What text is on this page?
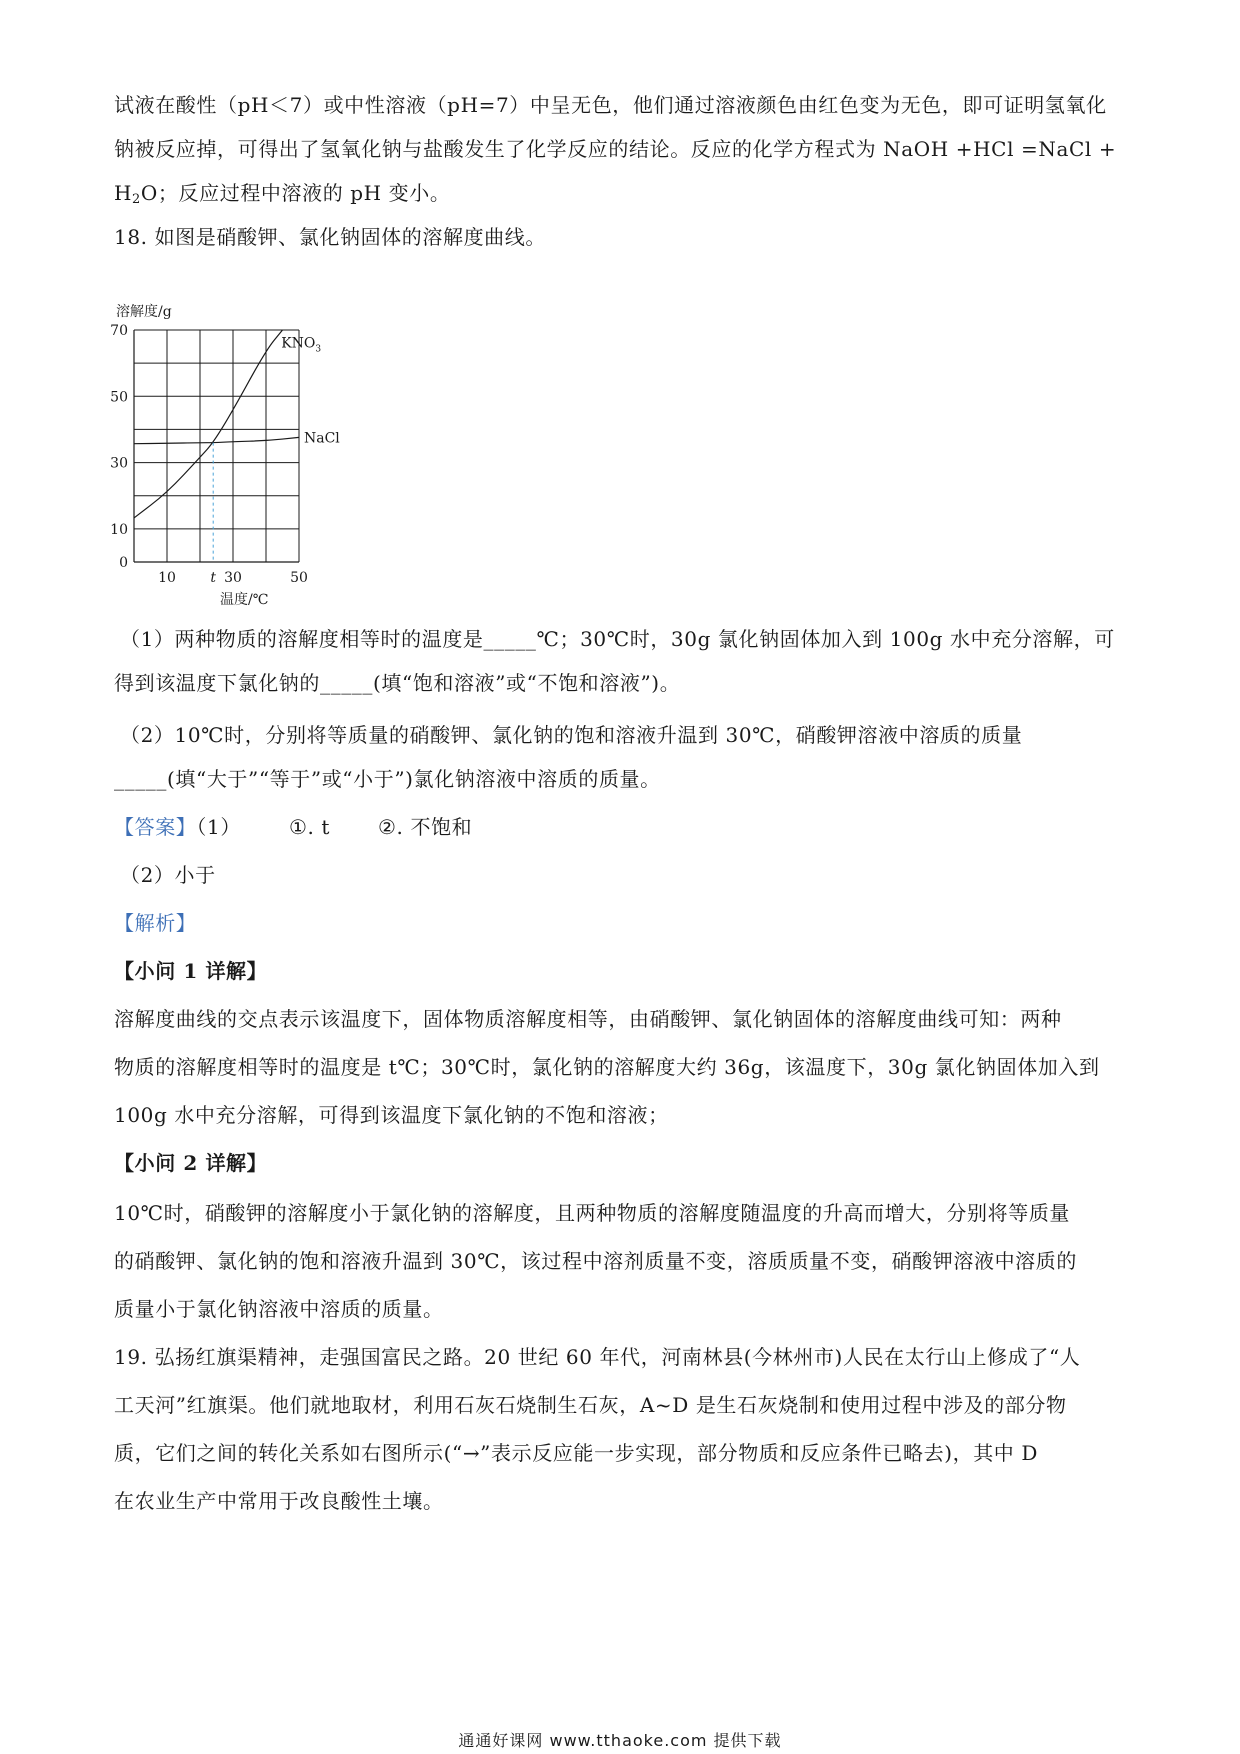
试液在酸性（pH＜7）或中性溶液（pH=7）中呈无色，他们通过溶液颜色由红色变为无色，即可证明氢氧化
钠被反应掉，可得出了氢氧化钠与盐酸发生了化学反应的结论。反应的化学方程式为 NaOH +HCl =NaCl +
$H_2O$；反应过程中溶液的 pH 变小。
18. 如图是硝酸钾、氯化钠固体的溶解度曲线。
$KNO_3$
NaCl
0
10
30
50
70
10 t 30	50
溶解度/g
温度/℃
（1）两种物质的溶解度相等时的温度是_____℃；30℃时，30g 氯化钠固体加入到 100g 水中充分溶解，可
得到该温度下氯化钠的_____(填“饱和溶液”或“不饱和溶液”)。
（2）10℃时，分别将等质量的硝酸钾、氯化钠的饱和溶液升温到 30℃，硝酸钾溶液中溶质的质量
_____(填“大于”“等于”或“小于”)氯化钠溶液中溶质的质量。
【答案】（1） ①. t ②. 不饱和
（2）小于
【解析】
【小问 1 详解】
溶解度曲线的交点表示该温度下，固体物质溶解度相等，由硝酸钾、氯化钠固体的溶解度曲线可知：两种
物质的溶解度相等时的温度是 t℃；30℃时，氯化钠的溶解度大约 36g，该温度下，30g 氯化钠固体加入到
100g 水中充分溶解，可得到该温度下氯化钠的不饱和溶液；
【小问 2 详解】
10℃时，硝酸钾的溶解度小于氯化钠的溶解度，且两种物质的溶解度随温度的升高而增大，分别将等质量
的硝酸钾、氯化钠的饱和溶液升温到 30℃，该过程中溶剂质量不变，溶质质量不变，硝酸钾溶液中溶质的
质量小于氯化钠溶液中溶质的质量。
19. 弘扬红旗渠精神，走强国富民之路。20 世纪 60 年代，河南林县(今林州市)人民在太行山上修成了“人
工天河”红旗渠。他们就地取材，利用石灰石烧制生石灰，A~D 是生石灰烧制和使用过程中涉及的部分物
质，它们之间的转化关系如右图所示(“→”表示反应能一步实现，部分物质和反应条件已略去)，其中 D
在农业生产中常用于改良酸性土壤。
通通好课网 www.tthaoke.com 提供下载
